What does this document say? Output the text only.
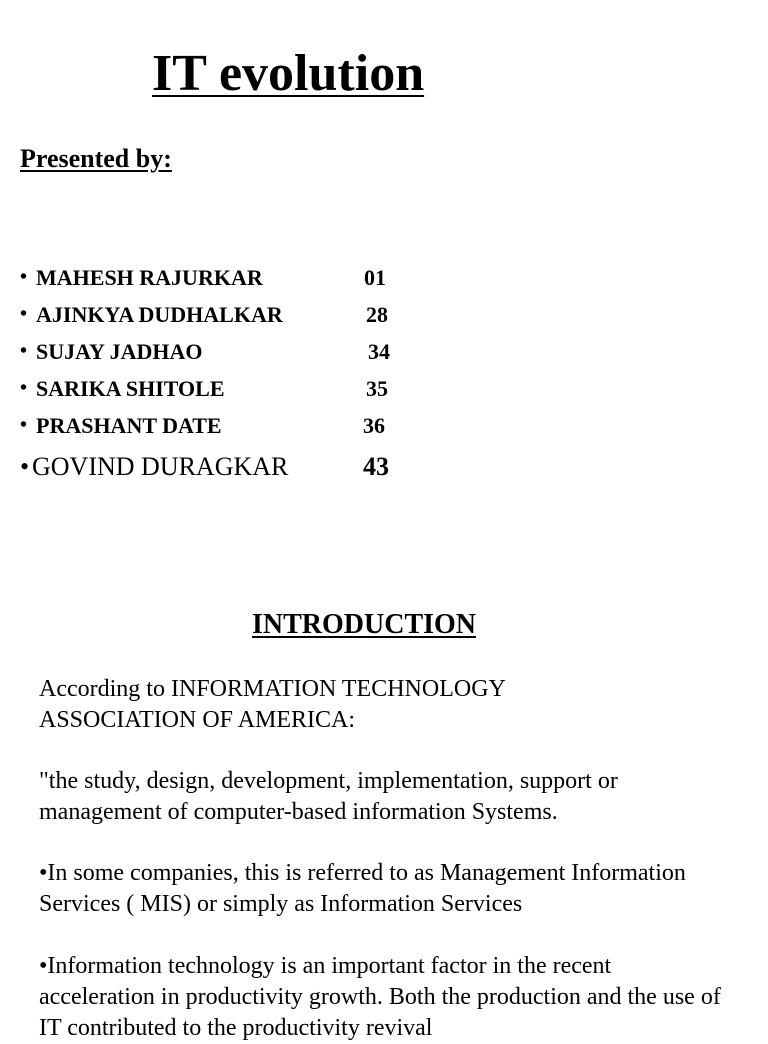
IT evolution
Presented by:
• MAHESH RAJURKAR	01
• AJINKYA DUDHALKAR	28
• SUJAY JADHAO	34
• SARIKA SHITOLE	35
• PRASHANT DATE	36
• GOVIND DURAGKAR	43
INTRODUCTION

According to INFORMATION TECHNOLOGY ASSOCIATION OF AMERICA:

"the study, design, development, implementation, support or management of computer-based information Systems.

•In some companies, this is referred to as Management Information Services ( MIS) or simply as Information Services

•Information technology is an important factor in the recent acceleration in productivity growth. Both the production and the use of IT contributed to the productivity revival
